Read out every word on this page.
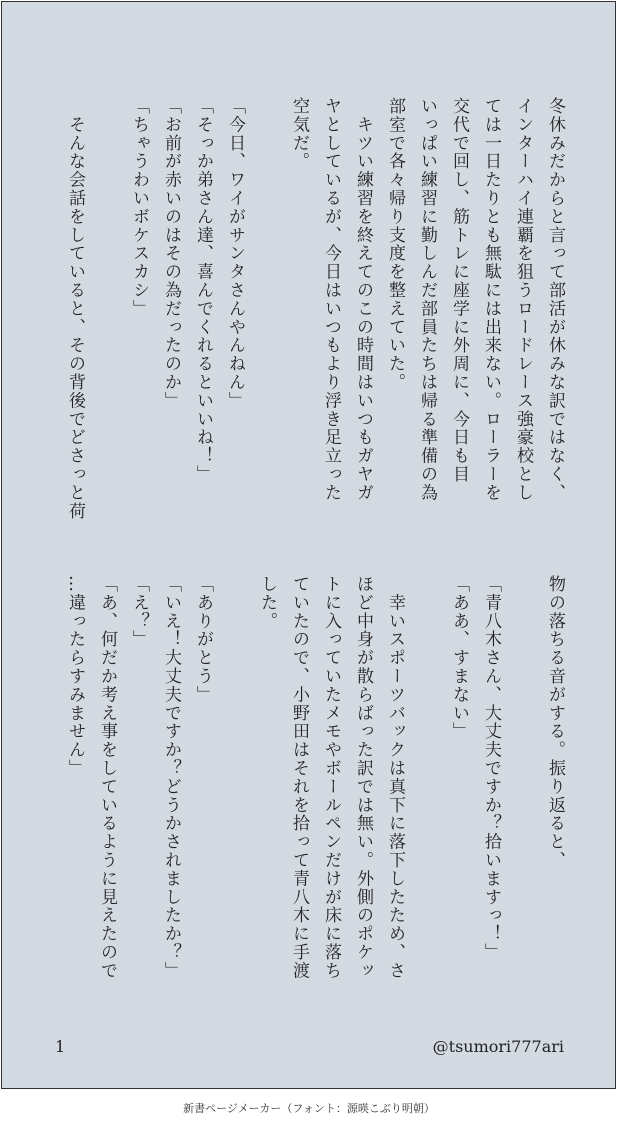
冬休みだからと言って部活が休みな訳ではなく、
インターハイ連覇を狙うロードレース強豪校とし
ては一日たりとも無駄には出来ない。ローラーを
交代で回し、筋トレに座学に外周に、今日も目
いっぱい練習に勤しんだ部員たちは帰る準備の為
部室で各々帰り支度を整えていた。
　キツい練習を終えてのこの時間はいつもガヤガ
ヤとしているが、今日はいつもより浮き足立った
空気だ。

「今日、ワイがサンタさんやんねん」
「そっか弟さん達、喜んでくれるといいね！」
「お前が赤いのはその為だったのか」
「ちゃうわいボケスカシ」

　そんな会話をしていると、その背後でどさっと荷
物の落ちる音がする。振り返ると、

「青八木さん、大丈夫ですか？拾いますっ！」
「ああ、すまない」

　幸いスポーツバックは真下に落下したため、さ
ほど中身が散らばった訳では無い。外側のポケッ
トに入っていたメモやボールペンだけが床に落ち
ていたので、小野田はそれを拾って青八木に手渡
した。

「ありがとう」
「いえ！大丈夫ですか？どうかされましたか？」
「え？」
「あ、何だか考え事をしているように見えたので
…違ったらすみません」
1	@tsumori777ari
新書ページメーカー（フォント：源暎こぶり明朝）
